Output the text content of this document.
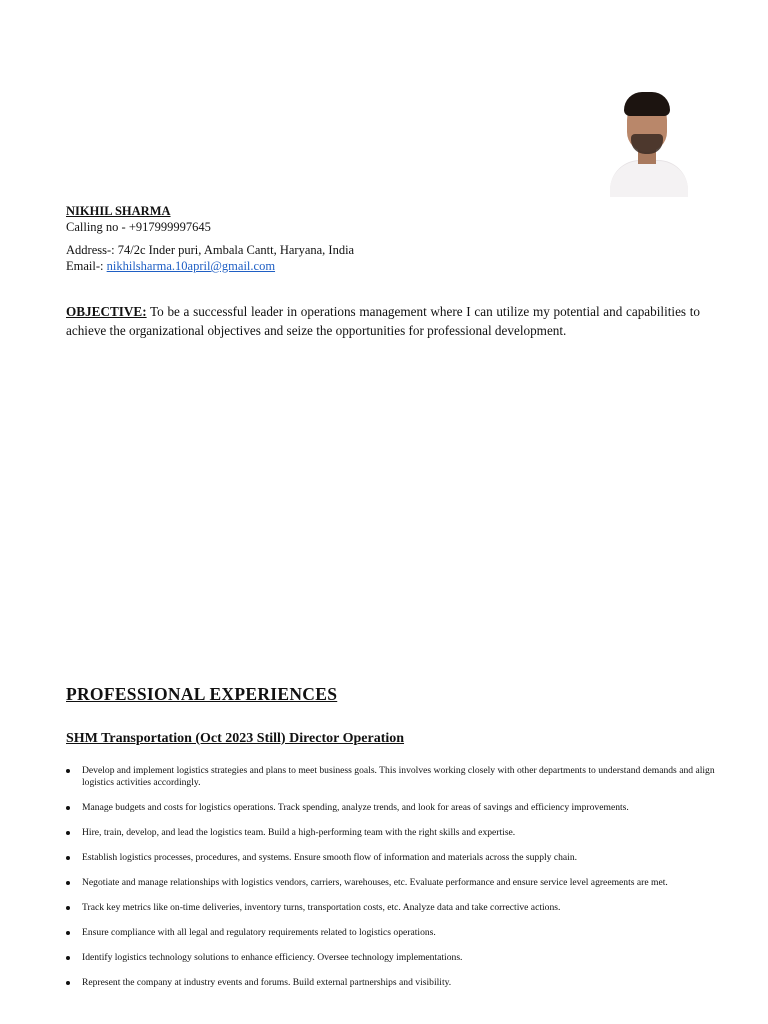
NIKHIL SHARMA
Calling no - +917999997645
Address-: 74/2c Inder puri, Ambala Cantt, Haryana, India
Email-: nikhilsharma.10april@gmail.com
OBJECTIVE: To be a successful leader in operations management where I can utilize my potential and capabilities to achieve the organizational objectives and seize the opportunities for professional development.
PROFESSIONAL EXPERIENCES
SHM Transportation (Oct 2023 Still) Director Operation
Develop and implement logistics strategies and plans to meet business goals. This involves working closely with other departments to understand demands and align logistics activities accordingly.
Manage budgets and costs for logistics operations. Track spending, analyze trends, and look for areas of savings and efficiency improvements.
Hire, train, develop, and lead the logistics team. Build a high-performing team with the right skills and expertise.
Establish logistics processes, procedures, and systems. Ensure smooth flow of information and materials across the supply chain.
Negotiate and manage relationships with logistics vendors, carriers, warehouses, etc. Evaluate performance and ensure service level agreements are met.
Track key metrics like on-time deliveries, inventory turns, transportation costs, etc. Analyze data and take corrective actions.
Ensure compliance with all legal and regulatory requirements related to logistics operations.
Identify logistics technology solutions to enhance efficiency. Oversee technology implementations.
Represent the company at industry events and forums. Build external partnerships and visibility.
